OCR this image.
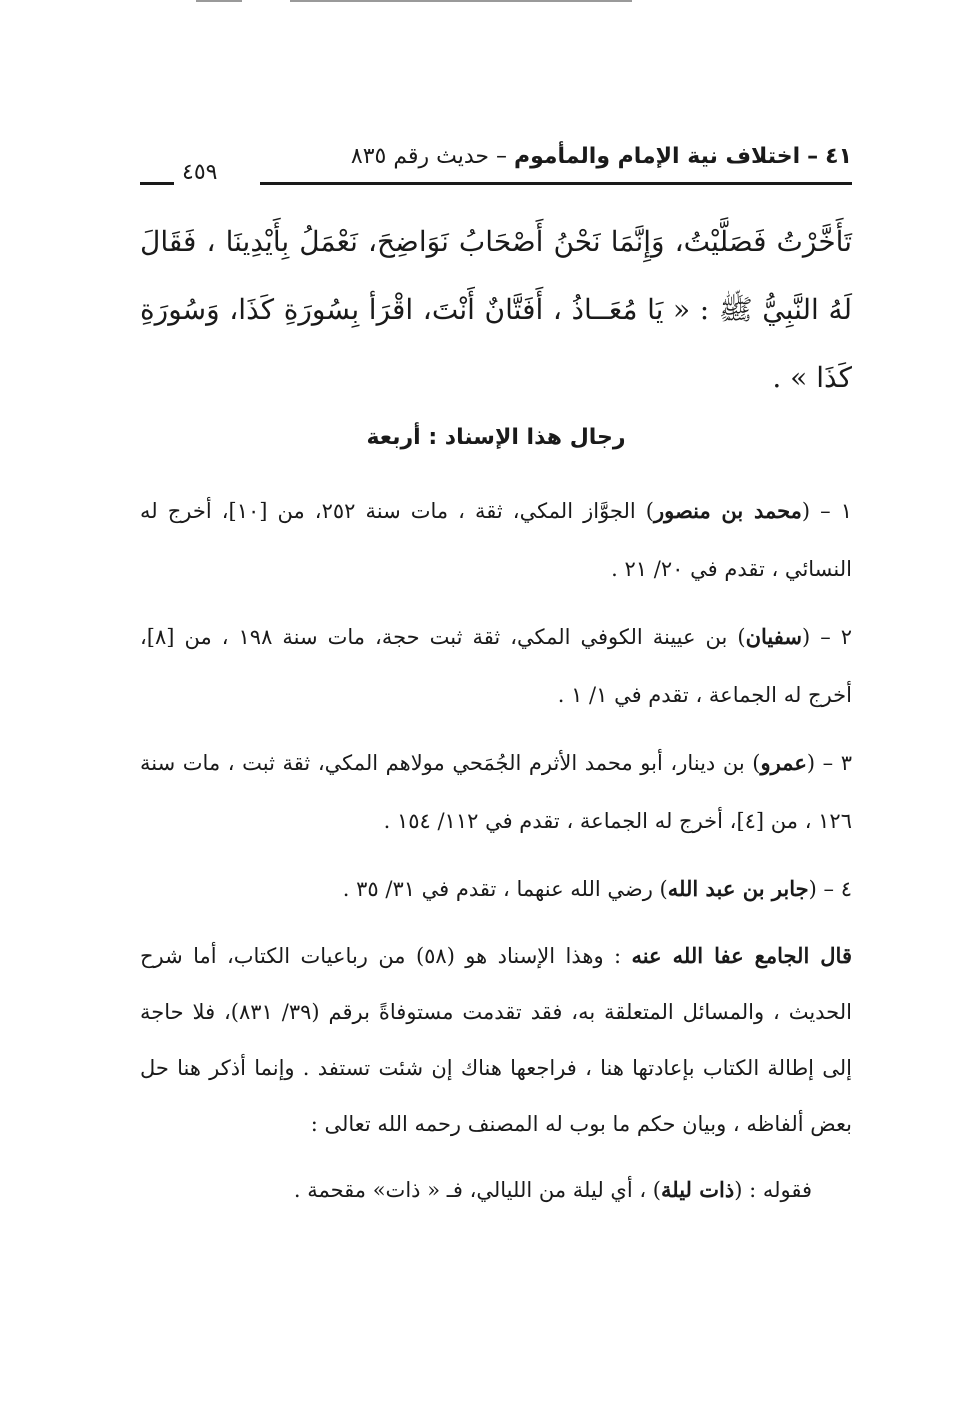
٤١ – اختلاف نية الإمام والمأموم – حديث رقم ٨٣٥
٤٥٩

تَأَخَّرْتُ فَصَلَّيْتُ، وَإِنَّمَا نَحْنُ أَصْحَابُ نَوَاضِحَ، نَعْمَلُ بِأَيْدِينَا ، فَقَالَ لَهُ النَّبِيُّ ﷺ : « يَا مُعَــاذُ ، أَفَتَّانٌ أَنْتَ، اقْرَأ بِسُورَةِ كَذَا، وَسُورَةِ كَذَا » .

رجال هذا الإسناد : أربعة

١ – (محمد بن منصور) الجوَّاز المكي، ثقة ، مات سنة ٢٥٢، من [١٠]، أخرج له النسائي ، تقدم في ٢٠/ ٢١ .

٢ – (سفيان) بن عيينة الكوفي المكي، ثقة ثبت حجة، مات سنة ١٩٨ ، من [٨]، أخرج له الجماعة ، تقدم في ١/ ١ .

٣ – (عمرو) بن دينار، أبو محمد الأثرم الجُمَحي مولاهم المكي، ثقة ثبت ، مات سنة ١٢٦ ، من [٤]، أخرج له الجماعة ، تقدم في ١١٢/ ١٥٤ .

٤ – (جابر بن عبد الله) رضي الله عنهما ، تقدم في ٣١/ ٣٥ .

قال الجامع عفا الله عنه : وهذا الإسناد هو (٥٨) من رباعيات الكتاب، أما شرح الحديث ، والمسائل المتعلقة به، فقد تقدمت مستوفاةً برقم (٣٩/ ٨٣١)، فلا حاجة إلى إطالة الكتاب بإعادتها هنا ، فراجعها هناك إن شئت تستفد . وإنما أذكر هنا حل بعض ألفاظه ، وبيان حكم ما بوب له المصنف رحمه الله تعالى :

فقوله : (ذات ليلة) ، أي ليلة من الليالي، فـ « ذات» مقحمة .
